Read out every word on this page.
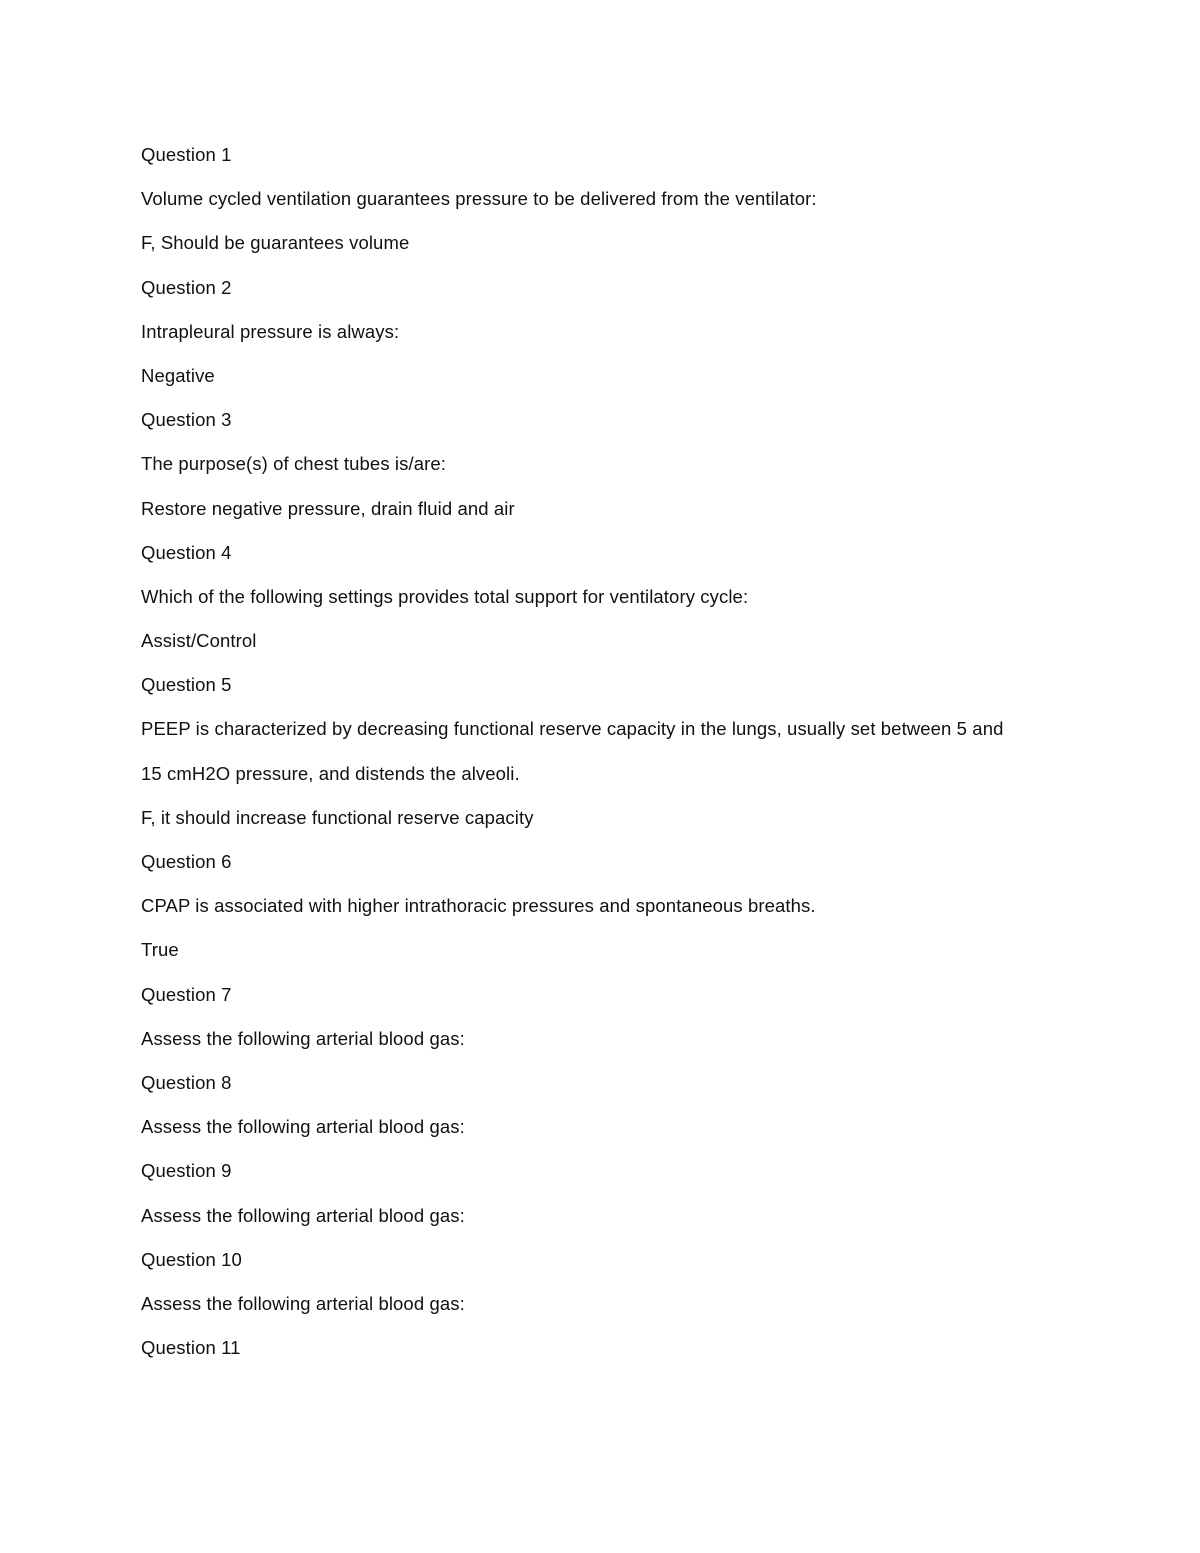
Question 1
Volume cycled ventilation guarantees pressure to be delivered from the ventilator:
F, Should be guarantees volume
Question 2
Intrapleural pressure is always:
Negative
Question 3
The purpose(s) of chest tubes is/are:
Restore negative pressure, drain fluid and air
Question 4
Which of the following settings provides total support for ventilatory cycle:
Assist/Control
Question 5
PEEP is characterized by decreasing functional reserve capacity in the lungs, usually set between 5 and
15 cmH2O pressure, and distends the alveoli.
F, it should increase functional reserve capacity
Question 6
CPAP is associated with higher intrathoracic pressures and spontaneous breaths.
True
Question 7
Assess the following arterial blood gas:
Question 8
Assess the following arterial blood gas:
Question 9
Assess the following arterial blood gas:
Question 10
Assess the following arterial blood gas:
Question 11
